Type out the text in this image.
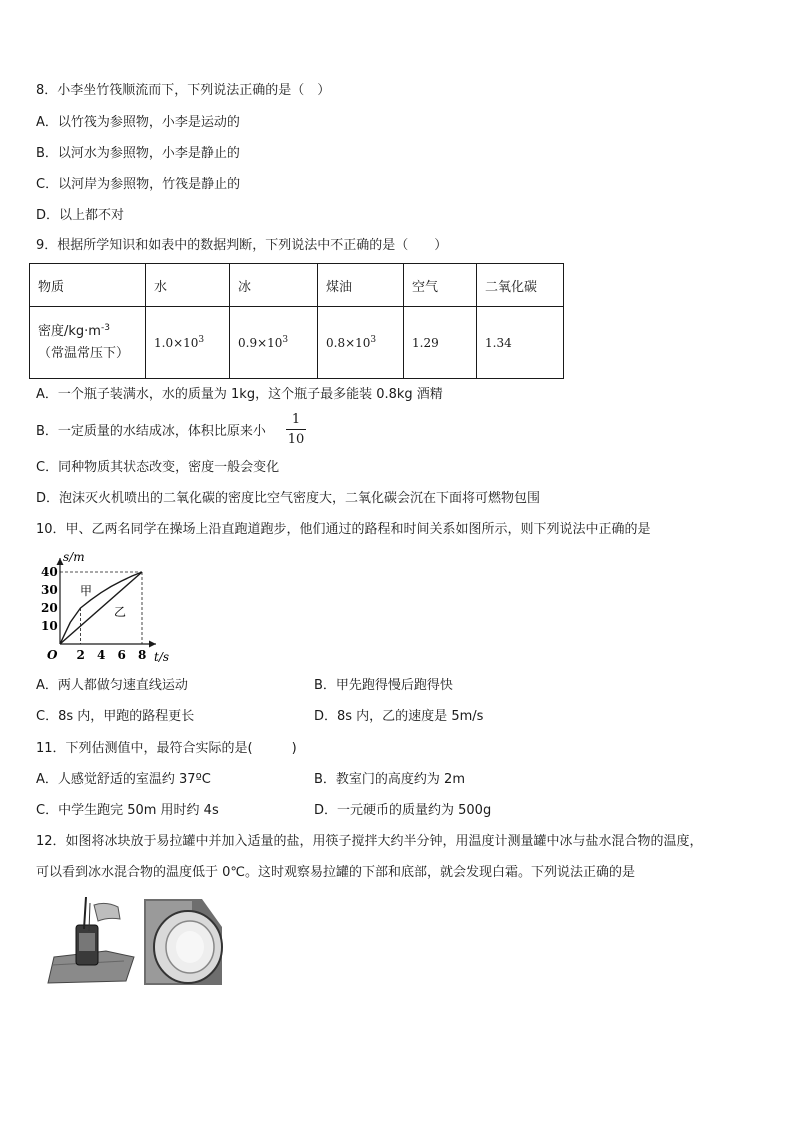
8．小李坐竹筏顺流而下，下列说法正确的是（　）
A．以竹筏为参照物，小李是运动的
B．以河水为参照物，小李是静止的
C．以河岸为参照物，竹筏是静止的
D．以上都不对
9．根据所学知识和如表中的数据判断，下列说法中不正确的是（　　）
物质	水	冰	煤油	空气	二氧化碳

密度$/kg\cdot m^{-3}$
（常温常压下）	$1.0\times 10^3$	$0.9\times 10^3$	$0.8\times 10^3$	1.29	1.34
A．一个瓶子装满水，水的质量为 1kg，这个瓶子最多能装 0.8kg 酒精
B．一定质量的水结成冰，体积比原来小
1
10
C．同种物质其状态改变，密度一般会变化
D．泡沫灭火机喷出的二氧化碳的密度比空气密度大，二氧化碳会沉在下面将可燃物包围
10．甲、乙两名同学在操场上沿直跑道跑步，他们通过的路程和时间关系如图所示，则下列说法中正确的是
2 4 6 8
10
20
30
40
s/m
t/s
O
甲
乙
A．两人都做匀速直线运动	B．甲先跑得慢后跑得快
C．8s 内，甲跑的路程更长	D．8s 内，乙的速度是 5m/s
11．下列估测值中，最符合实际的是(　　　)
A．人感觉舒适的室温约 37ºC	B．教室门的高度约为 2m
C．中学生跑完 50m 用时约 4s	D．一元硬币的质量约为 500g
12．如图将冰块放于易拉罐中并加入适量的盐，用筷子搅拌大约半分钟，用温度计测量罐中冰与盐水混合物的温度，
可以看到冰水混合物的温度低于 0℃。这时观察易拉罐的下部和底部，就会发现白霜。下列说法正确的是
